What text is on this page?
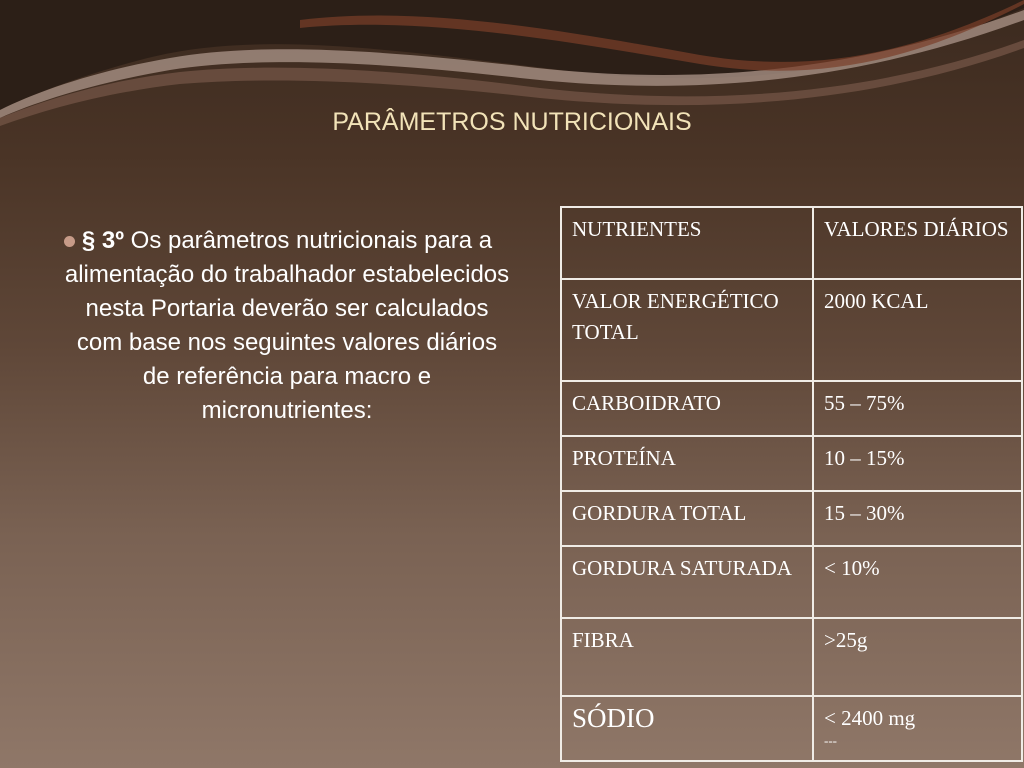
PARÂMETROS NUTRICIONAIS
§ 3º Os parâmetros nutricionais para a alimentação do trabalhador estabelecidos nesta Portaria deverão ser calculados com base nos seguintes valores diários de referência para macro e micronutrientes:
NUTRIENTES	VALORES DIÁRIOS
VALOR ENERGÉTICO TOTAL	2000 KCAL
CARBOIDRATO	55 – 75%
PROTEÍNA	10 – 15%
GORDURA TOTAL	15 – 30%
GORDURA SATURADA	< 10%
FIBRA	>25g
SÓDIO	< 2400 mg
---
